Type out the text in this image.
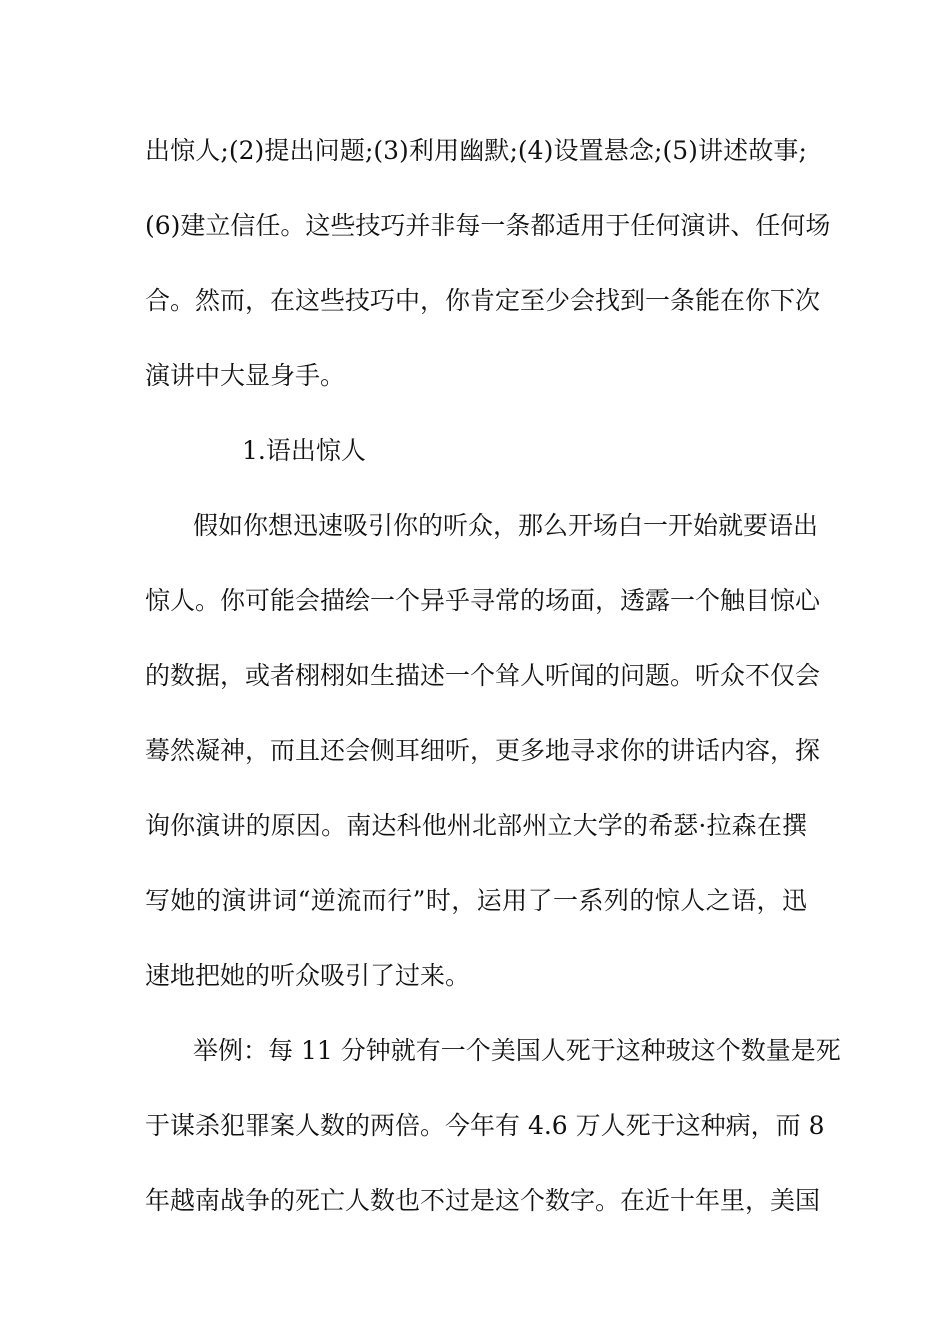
出惊人;(2)提出问题;(3)利用幽默;(4)设置悬念;(5)讲述故事;
(6)建立信任。这些技巧并非每一条都适用于任何演讲、任何场
合。然而，在这些技巧中，你肯定至少会找到一条能在你下次
演讲中大显身手。
1.语出惊人
假如你想迅速吸引你的听众，那么开场白一开始就要语出
惊人。你可能会描绘一个异乎寻常的场面，透露一个触目惊心
的数据，或者栩栩如生描述一个耸人听闻的问题。听众不仅会
蓦然凝神，而且还会侧耳细听，更多地寻求你的讲话内容，探
询你演讲的原因。南达科他州北部州立大学的希瑟·拉森在撰
写她的演讲词“逆流而行”时，运用了一系列的惊人之语，迅
速地把她的听众吸引了过来。
举例：每 11 分钟就有一个美国人死于这种玻这个数量是死
于谋杀犯罪案人数的两倍。今年有 4.6 万人死于这种病，而 8
年越南战争的死亡人数也不过是这个数字。在近十年里，美国
